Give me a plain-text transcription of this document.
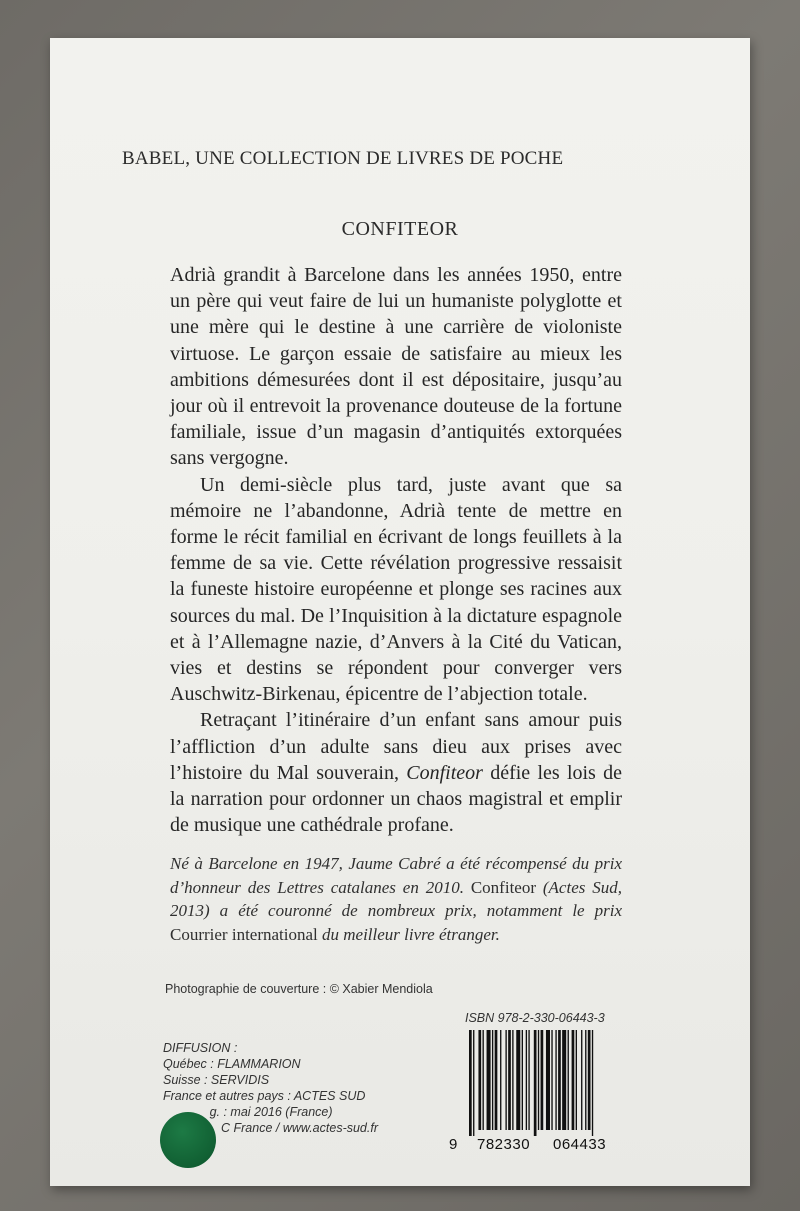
BABEL, UNE COLLECTION DE LIVRES DE POCHE
CONFITEOR

Adrià grandit à Barcelone dans les années 1950, entre un père qui veut faire de lui un humaniste polyglotte et une mère qui le destine à une carrière de violoniste virtuose. Le garçon essaie de satisfaire au mieux les ambitions démesurées dont il est dépositaire, jusqu’au jour où il entrevoit la provenance douteuse de la fortune familiale, issue d’un magasin d’antiquités extorquées sans vergogne.

Un demi-siècle plus tard, juste avant que sa mémoire ne l’abandonne, Adrià tente de mettre en forme le récit familial en écrivant de longs feuillets à la femme de sa vie. Cette révélation progressive ressaisit la funeste histoire européenne et plonge ses racines aux sources du mal. De l’Inquisition à la dictature espagnole et à l’Allemagne nazie, d’Anvers à la Cité du Vatican, vies et destins se répondent pour converger vers Auschwitz-Birkenau, épicentre de l’abjection totale.

Retraçant l’itinéraire d’un enfant sans amour puis l’affliction d’un adulte sans dieu aux prises avec l’histoire du Mal souverain, Confiteor défie les lois de la narration pour ordonner un chaos magistral et emplir de musique une cathédrale profane.

Né à Barcelone en 1947, Jaume Cabré a été récompensé du prix d’honneur des Lettres catalanes en 2010. Confiteor (Actes Sud, 2013) a été couronné de nombreux prix, notamment le prix Courrier international du meilleur livre étranger.
Photographie de couverture : © Xabier Mendiola
ISBN 978-2-330-06443-3
DIFFUSION :
Québec : FLAMMARION
Suisse : SERVIDIS
France et autres pays : ACTES SUD
g. : mai 2016 (France)
C France / www.actes-sud.fr
9 782330 064433
